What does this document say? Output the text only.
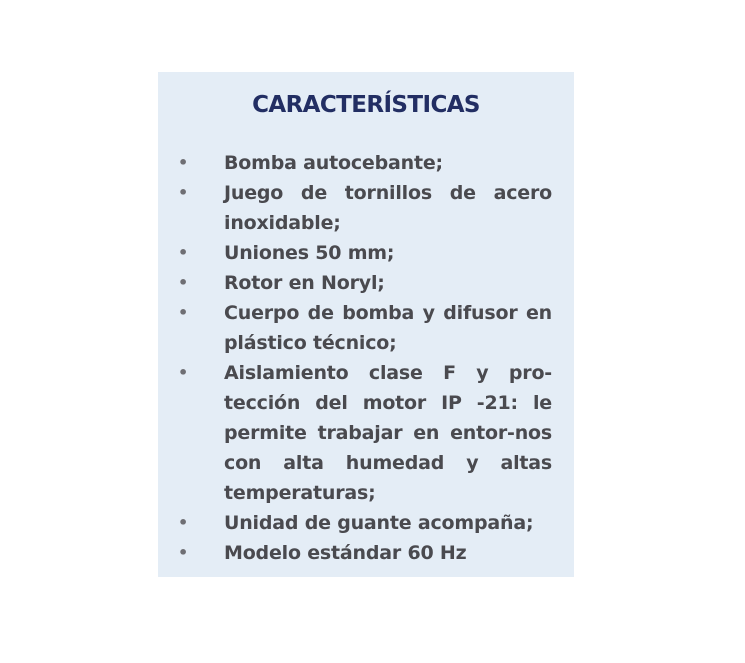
CARACTERÍSTICAS
• Bomba autocebante;
• Juego de tornillos de acero inoxidable;
• Uniones 50 mm;
• Rotor en Noryl;
• Cuerpo de bomba y difusor en plástico técnico;
• Aislamiento clase F y pro-tección del motor IP -21: le permite trabajar en entor-nos con alta humedad y altas temperaturas;
• Unidad de guante acompaña;
• Modelo estándar 60 Hz
